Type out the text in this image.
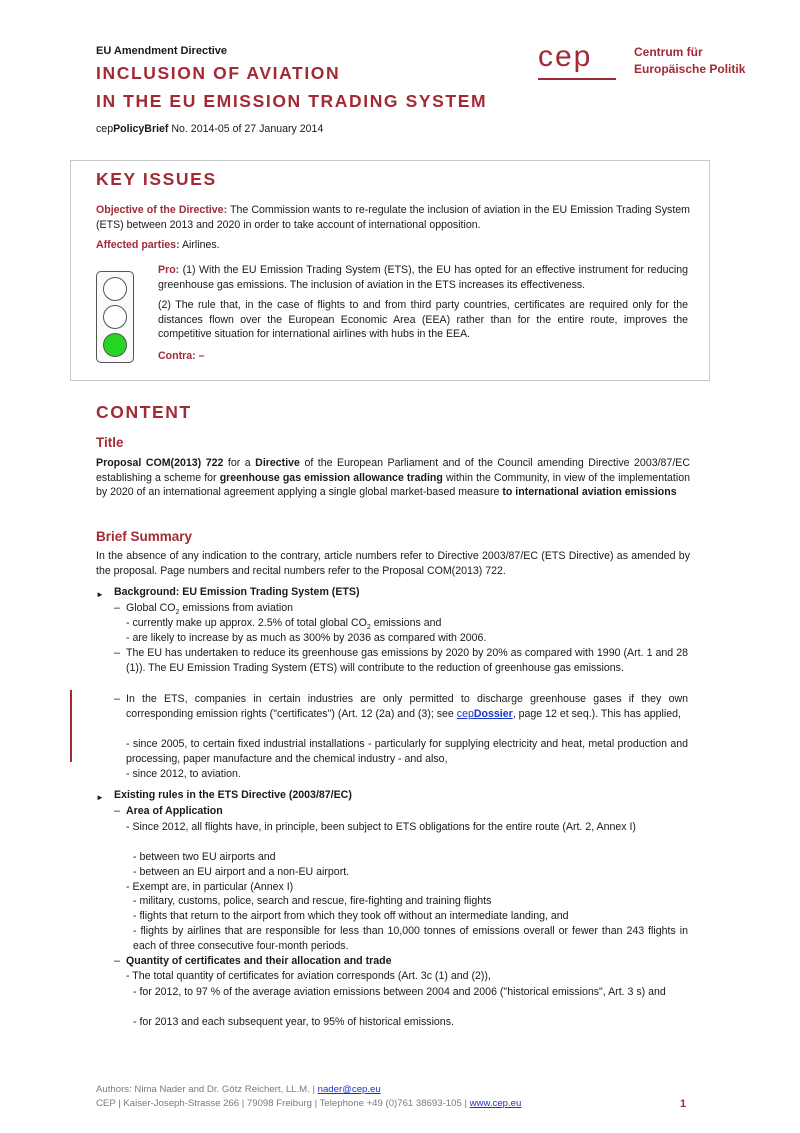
EU Amendment Directive
INCLUSION OF AVIATION
IN THE EU EMISSION TRADING SYSTEM
cepPolicyBrief No. 2014-05 of 27 January 2014
cep	Centrum für
Europäische Politik
KEY ISSUES
Objective of the Directive: The Commission wants to re-regulate the inclusion of aviation in the EU Emission Trading System (ETS) between 2013 and 2020 in order to take account of international opposition.
Affected parties: Airlines.
Pro: (1) With the EU Emission Trading System (ETS), the EU has opted for an effective instrument for reducing greenhouse gas emissions. The inclusion of aviation in the ETS increases its effectiveness.
(2) The rule that, in the case of flights to and from third party countries, certificates are required only for the distances flown over the European Economic Area (EEA) rather than for the entire route, improves the competitive situation for international airlines with hubs in the EEA.
Contra: –
CONTENT
Title
Proposal COM(2013) 722 for a Directive of the European Parliament and of the Council amending Directive 2003/87/EC establishing a scheme for greenhouse gas emission allowance trading within the Community, in view of the implementation by 2020 of an international agreement applying a single global market-based measure to international aviation emissions
Brief Summary
In the absence of any indication to the contrary, article numbers refer to Directive 2003/87/EC (ETS Directive) as amended by the proposal. Page numbers and recital numbers refer to the Proposal COM(2013) 722.
► Background: EU Emission Trading System (ETS)
– Global $CO_2$ emissions from aviation
- currently make up approx. 2.5% of total global $CO_2$ emissions and
- are likely to increase by as much as 300% by 2036 as compared with 2006.
– The EU has undertaken to reduce its greenhouse gas emissions by 2020 by 20% as compared with 1990 (Art. 1 and 28 (1)). The EU Emission Trading System (ETS) will contribute to the reduction of greenhouse gas emissions.
– In the ETS, companies in certain industries are only permitted to discharge greenhouse gases if they own corresponding emission rights ("certificates") (Art. 12 (2a) and (3); see cepDossier, page 12 et seq.). This has applied,
- since 2005, to certain fixed industrial installations - particularly for supplying electricity and heat, metal production and processing, paper manufacture and the chemical industry - and also,
- since 2012, to aviation.
► Existing rules in the ETS Directive (2003/87/EC)
– Area of Application
- Since 2012, all flights have, in principle, been subject to ETS obligations for the entire route (Art. 2, Annex I)
- between two EU airports and
- between an EU airport and a non-EU airport.
- Exempt are, in particular (Annex I)
- military, customs, police, search and rescue, fire-fighting and training flights
- flights that return to the airport from which they took off without an intermediate landing, and
- flights by airlines that are responsible for less than 10,000 tonnes of emissions overall or fewer than 243 flights in each of three consecutive four-month periods.
– Quantity of certificates and their allocation and trade
- The total quantity of certificates for aviation corresponds (Art. 3c (1) and (2)),
- for 2012, to 97 % of the average aviation emissions between 2004 and 2006 ("historical emissions", Art. 3 s) and
- for 2013 and each subsequent year, to 95% of historical emissions.
Authors: Nima Nader and Dr. Götz Reichert, LL.M. | nader@cep.eu
CEP | Kaiser-Joseph-Strasse 266 | 79098 Freiburg | Telephone +49 (0)761 38693-105 | www.cep.eu	1
